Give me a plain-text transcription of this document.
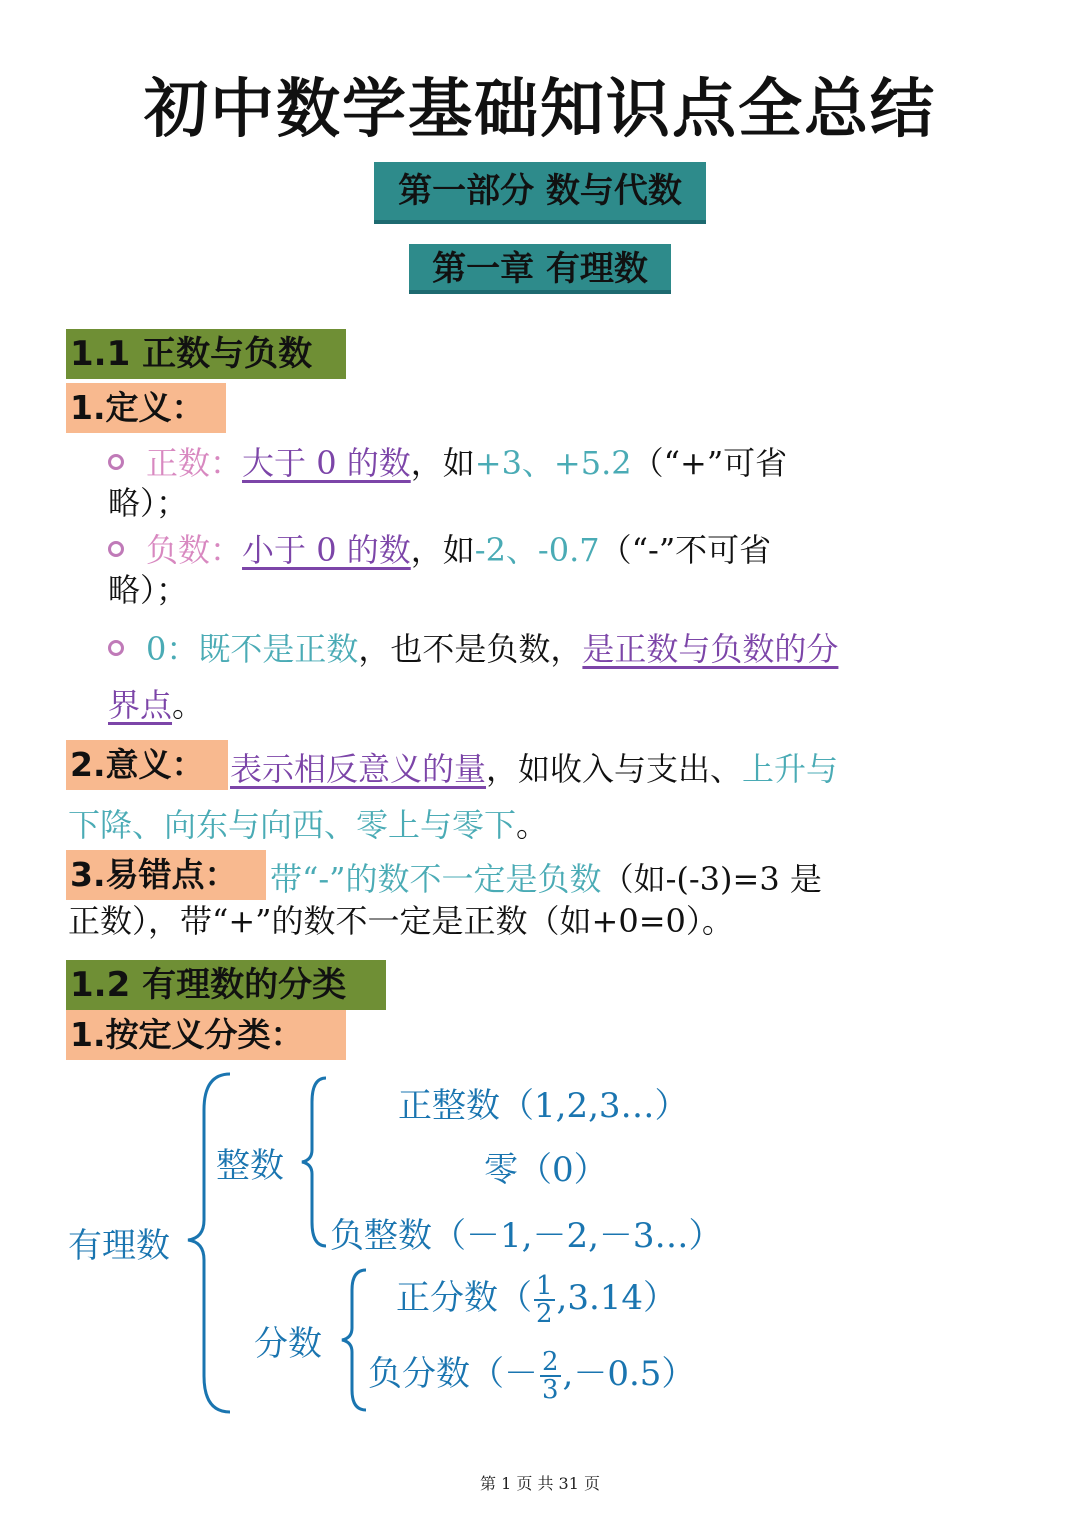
初中数学基础知识点全总结
第一部分 数与代数
第一章 有理数
1.1 正数与负数
1.定义：
正数：大于 0 的数，如+3、+5.2（“+”可省
略）；
负数：小于 0 的数，如-2、-0.7（“-”不可省
略）；
0：既不是正数，也不是负数，是正数与负数的分
界点。
2.意义： 表示相反意义的量，如收入与支出、上升与
下降、向东与向西、零上与零下。
3.易错点：	带“-”的数不一定是负数（如-(-3)=3 是
正数），带“+”的数不一定是正数（如+0=0）。
1.2 有理数的分类
1.按定义分类：
有理数
整数
正整数（1,2,3…）
零（0）
负整数（－1,－2,－3…）
分数
正分数（ $\frac{1}{2} ,3.14$）
负分数（－ $\frac{2}{3} ,-0.5$）
第 1 页 共 31 页
